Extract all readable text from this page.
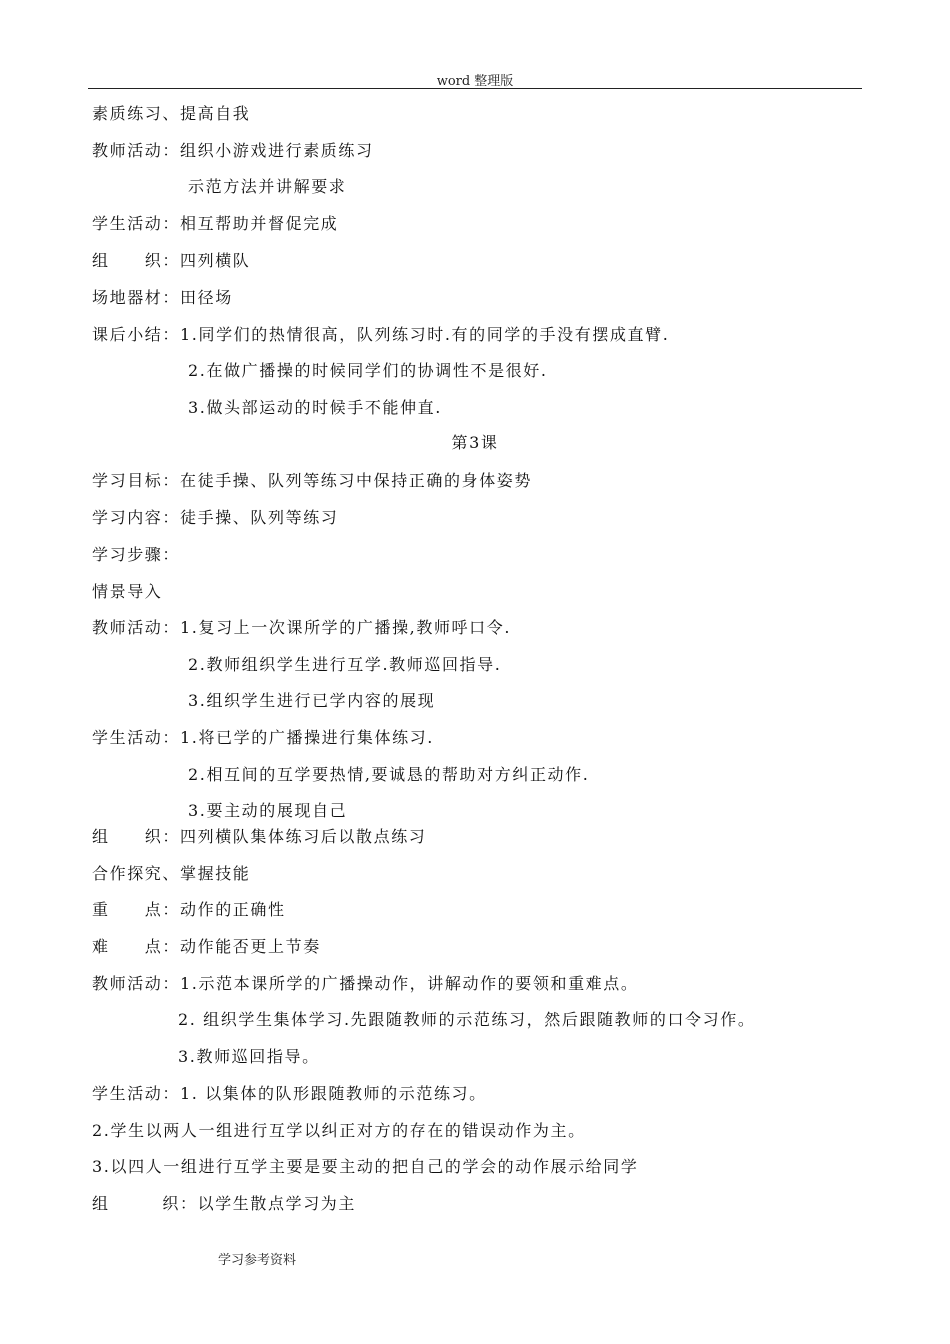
word 整理版
素质练习、提高自我
教师活动：组织小游戏进行素质练习
示范方法并讲解要求
学生活动：相互帮助并督促完成
组　　织：四列横队
场地器材：田径场
课后小结：1.同学们的热情很高，队列练习时.有的同学的手没有摆成直臂.
2.在做广播操的时候同学们的协调性不是很好.
3.做头部运动的时候手不能伸直.
第3课
学习目标：在徒手操、队列等练习中保持正确的身体姿势
学习内容：徒手操、队列等练习
学习步骤：
情景导入
教师活动：1.复习上一次课所学的广播操,教师呼口令.
2.教师组织学生进行互学.教师巡回指导.
3.组织学生进行已学内容的展现
学生活动：1.将已学的广播操进行集体练习.
2.相互间的互学要热情,要诚恳的帮助对方纠正动作.
3.要主动的展现自己
组　　织：四列横队集体练习后以散点练习
合作探究、掌握技能
重　　点：动作的正确性
难　　点：动作能否更上节奏
教师活动：1.示范本课所学的广播操动作，讲解动作的要领和重难点。
2. 组织学生集体学习.先跟随教师的示范练习，然后跟随教师的口令习作。
3.教师巡回指导。
学生活动：1. 以集体的队形跟随教师的示范练习。
2.学生以两人一组进行互学以纠正对方的存在的错误动作为主。
3.以四人一组进行互学主要是要主动的把自己的学会的动作展示给同学
组　　　织：以学生散点学习为主
学习参考资料
